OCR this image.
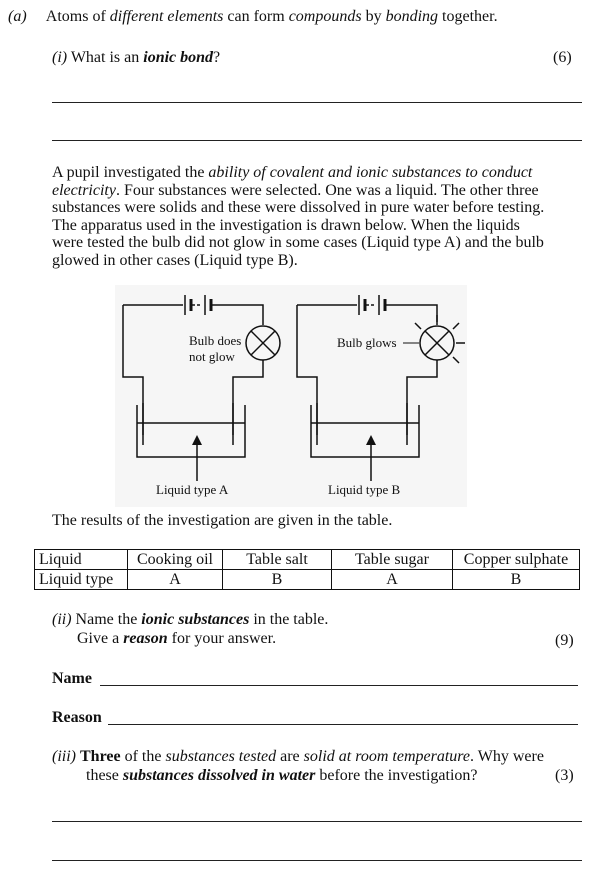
(a) Atoms of different elements can form compounds by bonding together.
(i) What is an ionic bond?	(6)
A pupil investigated the ability of covalent and ionic substances to conduct
electricity. Four substances were selected. One was a liquid. The other three
substances were solids and these were dissolved in pure water before testing.
The apparatus used in the investigation is drawn below. When the liquids
were tested the bulb did not glow in some cases (Liquid type A) and the bulb
glowed in other cases (Liquid type B).
Bulb does
not glow
Bulb glows
Liquid type A	Liquid type B
The results of the investigation are given in the table.
Liquid	Cooking oil	Table salt	Table sugar	Copper sulphate
Liquid type	A	B	A	B
(ii) Name the ionic substances in the table.
Give a reason for your answer.	(9)
Name
Reason
(iii) Three of the substances tested are solid at room temperature. Why were
these substances dissolved in water before the investigation?	(3)
